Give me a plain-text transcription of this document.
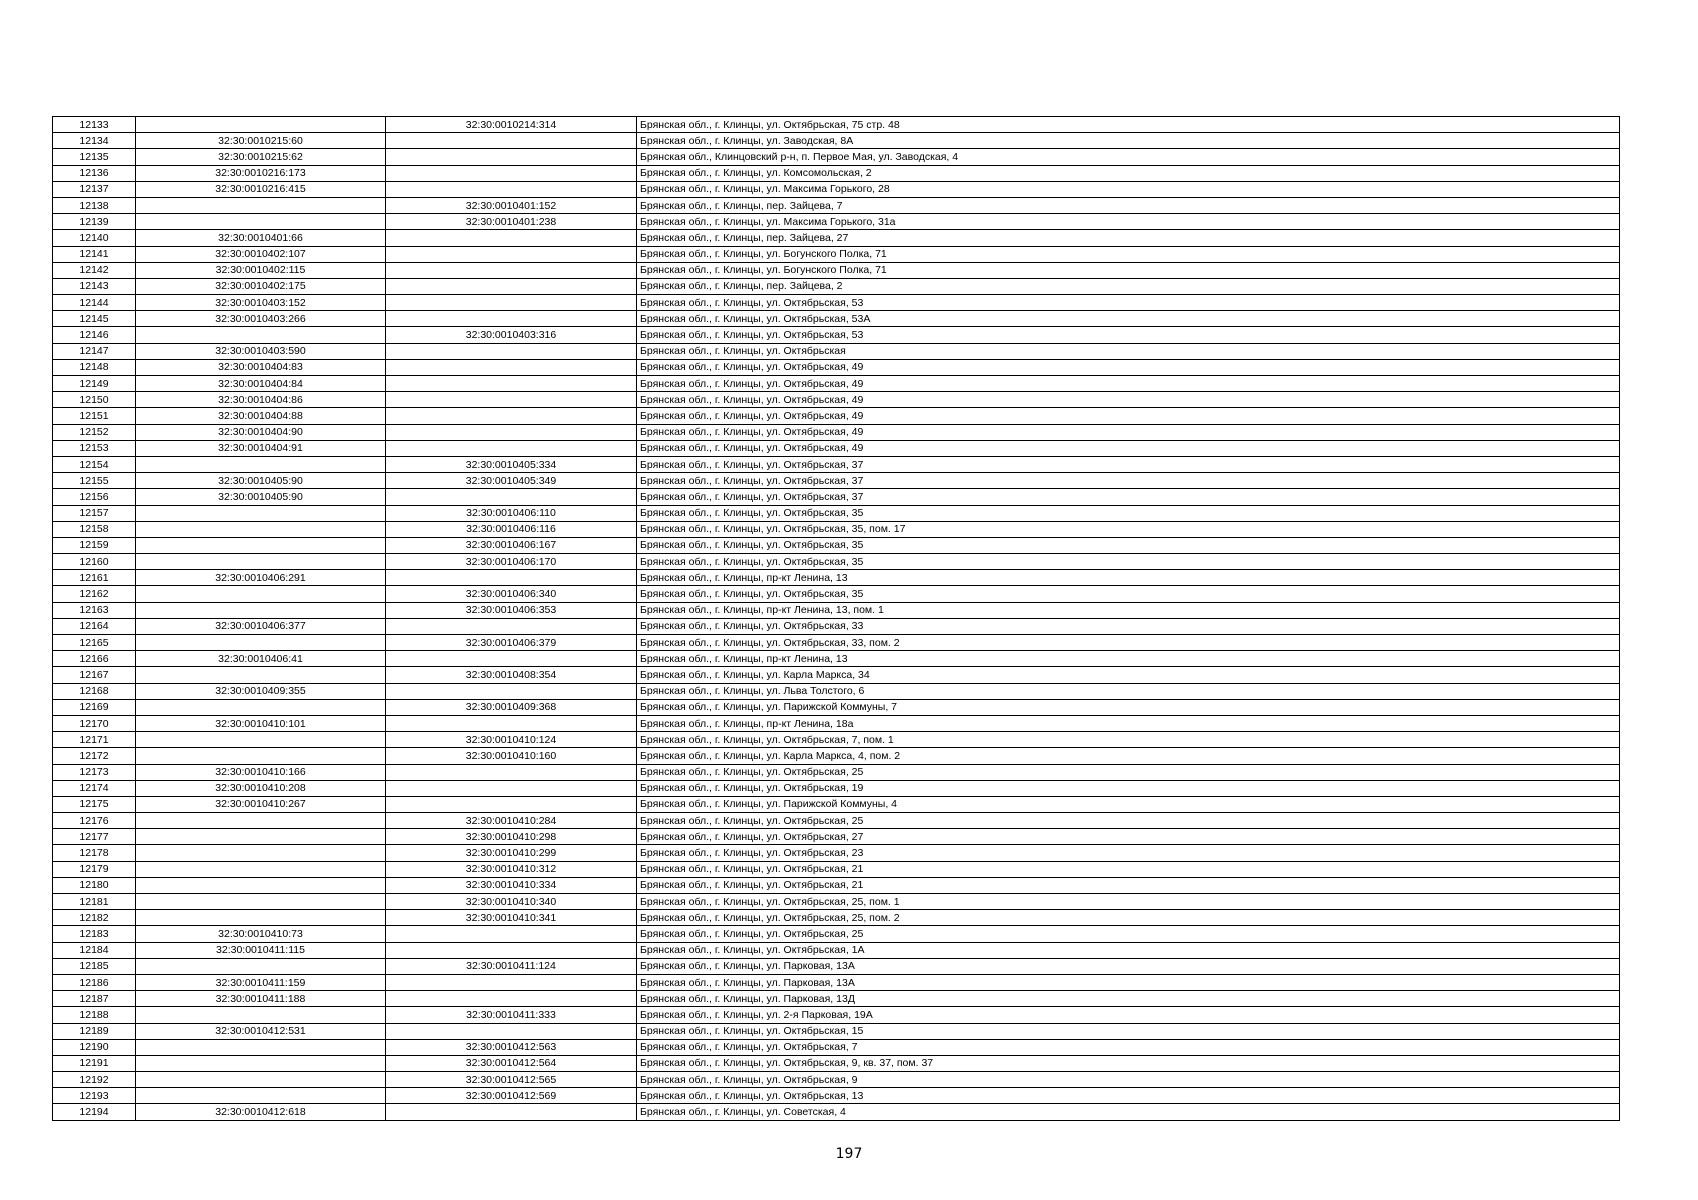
12133		32:30:0010214:314	Брянская обл., г. Клинцы, ул. Октябрьская, 75 стр. 48
12134	32:30:0010215:60		Брянская обл., г. Клинцы, ул. Заводская, 8А
12135	32:30:0010215:62		Брянская обл., Клинцовский р-н, п. Первое Мая, ул. Заводская, 4
12136	32:30:0010216:173		Брянская обл., г. Клинцы, ул. Комсомольская, 2
12137	32:30:0010216:415		Брянская обл., г. Клинцы, ул. Максима Горького, 28
12138		32:30:0010401:152	Брянская обл., г. Клинцы, пер. Зайцева, 7
12139		32:30:0010401:238	Брянская обл., г. Клинцы, ул. Максима Горького, 31а
12140	32:30:0010401:66		Брянская обл., г. Клинцы, пер. Зайцева, 27
12141	32:30:0010402:107		Брянская обл., г. Клинцы, ул. Богунского Полка, 71
12142	32:30:0010402:115		Брянская обл., г. Клинцы, ул. Богунского Полка, 71
12143	32:30:0010402:175		Брянская обл., г. Клинцы, пер. Зайцева, 2
12144	32:30:0010403:152		Брянская обл., г. Клинцы, ул. Октябрьская, 53
12145	32:30:0010403:266		Брянская обл., г. Клинцы, ул. Октябрьская, 53А
12146		32:30:0010403:316	Брянская обл., г. Клинцы, ул. Октябрьская, 53
12147	32:30:0010403:590		Брянская обл., г. Клинцы, ул. Октябрьская
12148	32:30:0010404:83		Брянская обл., г. Клинцы, ул. Октябрьская, 49
12149	32:30:0010404:84		Брянская обл., г. Клинцы, ул. Октябрьская, 49
12150	32:30:0010404:86		Брянская обл., г. Клинцы, ул. Октябрьская, 49
12151	32:30:0010404:88		Брянская обл., г. Клинцы, ул. Октябрьская, 49
12152	32:30:0010404:90		Брянская обл., г. Клинцы, ул. Октябрьская, 49
12153	32:30:0010404:91		Брянская обл., г. Клинцы, ул. Октябрьская, 49
12154		32:30:0010405:334	Брянская обл., г. Клинцы, ул. Октябрьская, 37
12155	32:30:0010405:90	32:30:0010405:349	Брянская обл., г. Клинцы, ул. Октябрьская, 37
12156	32:30:0010405:90		Брянская обл., г. Клинцы, ул. Октябрьская, 37
12157		32:30:0010406:110	Брянская обл., г. Клинцы, ул. Октябрьская, 35
12158		32:30:0010406:116	Брянская обл., г. Клинцы, ул. Октябрьская, 35, пом. 17
12159		32:30:0010406:167	Брянская обл., г. Клинцы, ул. Октябрьская, 35
12160		32:30:0010406:170	Брянская обл., г. Клинцы, ул. Октябрьская, 35
12161	32:30:0010406:291		Брянская обл., г. Клинцы, пр-кт Ленина, 13
12162		32:30:0010406:340	Брянская обл., г. Клинцы, ул. Октябрьская, 35
12163		32:30:0010406:353	Брянская обл., г. Клинцы, пр-кт Ленина, 13, пом. 1
12164	32:30:0010406:377		Брянская обл., г. Клинцы, ул. Октябрьская, 33
12165		32:30:0010406:379	Брянская обл., г. Клинцы, ул. Октябрьская, 33, пом. 2
12166	32:30:0010406:41		Брянская обл., г. Клинцы, пр-кт Ленина, 13
12167		32:30:0010408:354	Брянская обл., г. Клинцы, ул. Карла Маркса, 34
12168	32:30:0010409:355		Брянская обл., г. Клинцы, ул. Льва Толстого, 6
12169		32:30:0010409:368	Брянская обл., г. Клинцы, ул. Парижской Коммуны, 7
12170	32:30:0010410:101		Брянская обл., г. Клинцы, пр-кт Ленина, 18а
12171		32:30:0010410:124	Брянская обл., г. Клинцы, ул. Октябрьская, 7, пом. 1
12172		32:30:0010410:160	Брянская обл., г. Клинцы, ул. Карла Маркса, 4, пом. 2
12173	32:30:0010410:166		Брянская обл., г. Клинцы, ул. Октябрьская, 25
12174	32:30:0010410:208		Брянская обл., г. Клинцы, ул. Октябрьская, 19
12175	32:30:0010410:267		Брянская обл., г. Клинцы, ул. Парижской Коммуны, 4
12176		32:30:0010410:284	Брянская обл., г. Клинцы, ул. Октябрьская, 25
12177		32:30:0010410:298	Брянская обл., г. Клинцы, ул. Октябрьская, 27
12178		32:30:0010410:299	Брянская обл., г. Клинцы, ул. Октябрьская, 23
12179		32:30:0010410:312	Брянская обл., г. Клинцы, ул. Октябрьская, 21
12180		32:30:0010410:334	Брянская обл., г. Клинцы, ул. Октябрьская, 21
12181		32:30:0010410:340	Брянская обл., г. Клинцы, ул. Октябрьская, 25, пом. 1
12182		32:30:0010410:341	Брянская обл., г. Клинцы, ул. Октябрьская, 25, пом. 2
12183	32:30:0010410:73		Брянская обл., г. Клинцы, ул. Октябрьская, 25
12184	32:30:0010411:115		Брянская обл., г. Клинцы, ул. Октябрьская, 1А
12185		32:30:0010411:124	Брянская обл., г. Клинцы, ул. Парковая, 13А
12186	32:30:0010411:159		Брянская обл., г. Клинцы, ул. Парковая, 13А
12187	32:30:0010411:188		Брянская обл., г. Клинцы, ул. Парковая, 13Д
12188		32:30:0010411:333	Брянская обл., г. Клинцы, ул. 2-я Парковая, 19А
12189	32:30:0010412:531		Брянская обл., г. Клинцы, ул. Октябрьская, 15
12190		32:30:0010412:563	Брянская обл., г. Клинцы, ул. Октябрьская, 7
12191		32:30:0010412:564	Брянская обл., г. Клинцы, ул. Октябрьская, 9, кв. 37, пом. 37
12192		32:30:0010412:565	Брянская обл., г. Клинцы, ул. Октябрьская, 9
12193		32:30:0010412:569	Брянская обл., г. Клинцы, ул. Октябрьская, 13
12194	32:30:0010412:618		Брянская обл., г. Клинцы, ул. Советская, 4
197
